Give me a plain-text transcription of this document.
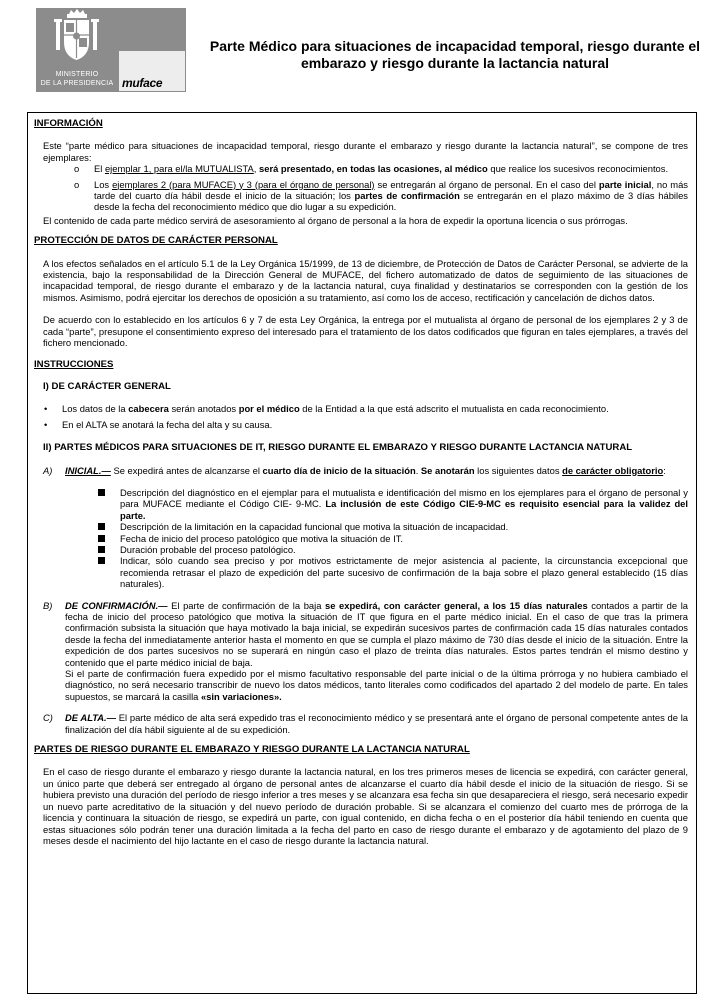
MINISTERIO
DE LA PRESIDENCIA muface
Parte Médico para situaciones de incapacidad temporal, riesgo durante el embarazo y riesgo durante la lactancia natural

INFORMACIÓN

Este “parte médico para situaciones de incapacidad temporal, riesgo durante el embarazo y riesgo durante la lactancia natural”, se compone de tres ejemplares:

o El ejemplar 1, para el/la MUTUALISTA, será presentado, en todas las ocasiones, al médico que realice los sucesivos reconocimientos.
o Los ejemplares 2 (para MUFACE) y 3 (para el órgano de personal) se entregarán al órgano de personal. En el caso del parte inicial, no más tarde del cuarto día hábil desde el inicio de la situación; los partes de confirmación se entregarán en el plazo máximo de 3 días hábiles desde la fecha del reconocimiento médico que dio lugar a su expedición.

El contenido de cada parte médico servirá de asesoramiento al órgano de personal a la hora de expedir la oportuna licencia o sus prórrogas.

PROTECCIÓN DE DATOS DE CARÁCTER PERSONAL

A los efectos señalados en el artículo 5.1 de la Ley Orgánica 15/1999, de 13 de diciembre, de Protección de Datos de Carácter Personal, se advierte de la existencia, bajo la responsabilidad de la Dirección General de MUFACE, del fichero automatizado de datos de seguimiento de las situaciones de incapacidad temporal, de riesgo durante el embarazo y de la lactancia natural, cuya finalidad y destinatarios se corresponden con la gestión de los mismos. Asimismo, podrá ejercitar los derechos de oposición a su tratamiento, así como los de acceso, rectificación y cancelación de dichos datos.

De acuerdo con lo establecido en los artículos 6 y 7 de esta Ley Orgánica, la entrega por el mutualista al órgano de personal de los ejemplares 2 y 3 de cada “parte”, presupone el consentimiento expreso del interesado para el tratamiento de los datos codificados que figuran en tales ejemplares, a través del fichero mencionado.

INSTRUCCIONES

I) DE CARÁCTER GENERAL

• Los datos de la cabecera serán anotados por el médico de la Entidad a la que está adscrito el mutualista en cada reconocimiento.
• En el ALTA se anotará la fecha del alta y su causa.

II) PARTES MÉDICOS PARA SITUACIONES DE IT, RIESGO DURANTE EL EMBARAZO Y RIESGO DURANTE LACTANCIA NATURAL

A) INICIAL.— Se expedirá antes de alcanzarse el cuarto día de inicio de la situación. Se anotarán los siguientes datos de carácter obligatorio:

Descripción del diagnóstico en el ejemplar para el mutualista e identificación del mismo en los ejemplares para el órgano de personal y para MUFACE mediante el Código CIE- 9-MC. La inclusión de este Código CIE-9-MC es requisito esencial para la validez del parte.
Descripción de la limitación en la capacidad funcional que motiva la situación de incapacidad.
Fecha de inicio del proceso patológico que motiva la situación de IT.
Duración probable del proceso patológico.
Indicar, sólo cuando sea preciso y por motivos estrictamente de mejor asistencia al paciente, la circunstancia excepcional que recomienda retrasar el plazo de expedición del parte sucesivo de confirmación de la baja sobre el plazo general establecido (15 días naturales).

B) DE CONFIRMACIÓN.— El parte de confirmación de la baja se expedirá, con carácter general, a los 15 días naturales contados a partir de la fecha de inicio del proceso patológico que motiva la situación de IT que figura en el parte médico inicial. En el caso de que tras la primera confirmación subsista la situación que haya motivado la baja inicial, se expedirán sucesivos partes de confirmación cada 15 días naturales contados desde la fecha del inmediatamente anterior hasta el momento en que se cumpla el plazo máximo de 730 días desde el inicio de la situación. Entre la expedición de dos partes sucesivos no se superará en ningún caso el plazo de treinta días naturales. Estos partes tendrán el mismo destino y contenido que el parte médico inicial de baja.

Si el parte de confirmación fuera expedido por el mismo facultativo responsable del parte inicial o de la última prórroga y no hubiera cambiado el diagnóstico, no será necesario transcribir de nuevo los datos médicos, tanto literales como codificados del apartado 2 del modelo de parte. En tales supuestos, se marcará la casilla «sin variaciones».

C) DE ALTA.— El parte médico de alta será expedido tras el reconocimiento médico y se presentará ante el órgano de personal competente antes de la finalización del día hábil siguiente al de su expedición.

PARTES DE RIESGO DURANTE EL EMBARAZO Y RIESGO DURANTE LA LACTANCIA NATURAL

En el caso de riesgo durante el embarazo y riesgo durante la lactancia natural, en los tres primeros meses de licencia se expedirá, con carácter general, un único parte que deberá ser entregado al órgano de personal antes de alcanzarse el cuarto día hábil desde el inicio de la situación de riesgo. Si se hubiera previsto una duración del período de riesgo inferior a tres meses y se alcanzara esa fecha sin que desapareciera el riesgo, será necesario expedir un nuevo parte acreditativo de la situación y del nuevo período de duración probable. Si se alcanzara el comienzo del cuarto mes de prórroga de la licencia y continuara la situación de riesgo, se expedirá un parte, con igual contenido, en dicha fecha o en el posterior día hábil teniendo en cuenta que estas situaciones sólo podrán tener una duración limitada a la fecha del parto en caso de riesgo durante el embarazo y de agotamiento del plazo de 9 meses desde el nacimiento del hijo lactante en el caso de riesgo durante la lactancia natural.
